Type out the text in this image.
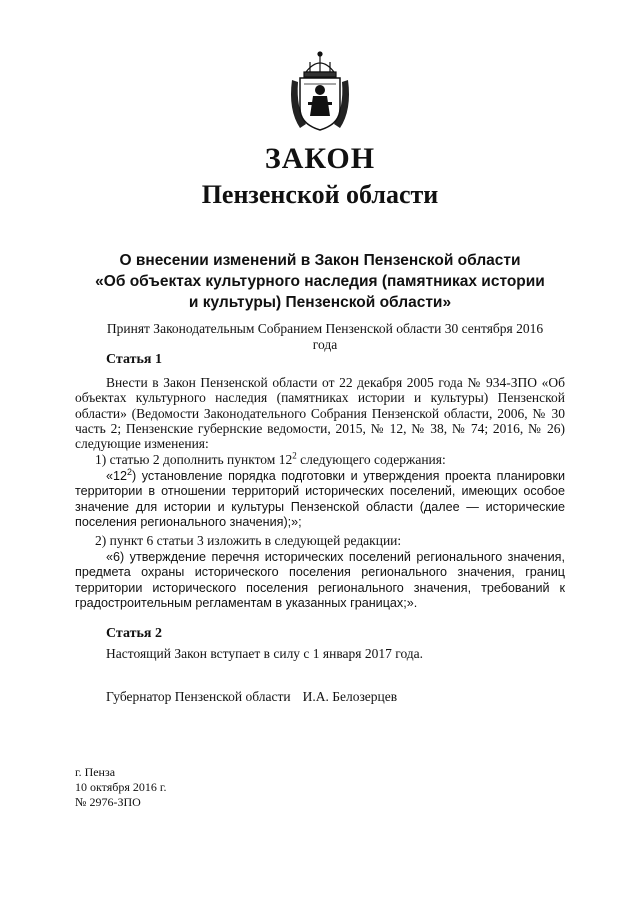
ЗАКОН
Пензенской области
О внесении изменений в Закон Пензенской области
«Об объектах культурного наследия (памятниках истории
и культуры) Пензенской области»
Принят Законодательным Собранием Пензенской области 30 сентября 2016 года
Статья 1
Внести в Закон Пензенской области от 22 декабря 2005 года № 934-ЗПО «Об объектах культурного наследия (памятниках истории и культуры) Пензенской области» (Ведомости Законодательного Собрания Пензенской области, 2006, № 30 часть 2; Пензенские губернские ведомости, 2015, № 12, № 38, № 74; 2016, № 26) следующие изменения:
1) статью 2 дополнить пунктом $12^2$ следующего содержания:
«$12^2$) установление порядка подготовки и утверждения проекта планировки территории в отношении территорий исторических поселений, имеющих особое значение для истории и культуры Пензенской области (далее — исторические поселения регионального значения);»;
2) пункт 6 статьи 3 изложить в следующей редакции:
«6) утверждение перечня исторических поселений регионального значения, предмета охраны исторического поселения регионального значения, границ территории исторического поселения регионального значения, требований к градостроительным регламентам в указанных границах;».
Статья 2
Настоящий Закон вступает в силу с 1 января 2017 года.
Губернатор Пензенской области И.А. Белозерцев
г. Пенза
10 октября 2016 г.
№ 2976-ЗПО
